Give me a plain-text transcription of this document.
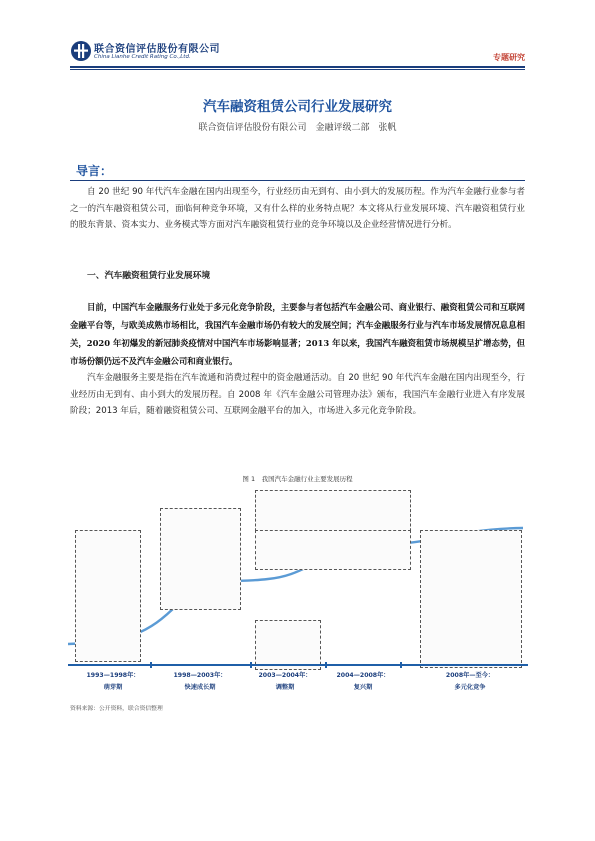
联合资信评估股份有限公司
China Lianhe Credit Rating Co.,Ltd.	专题研究
汽车融资租赁公司行业发展研究
联合资信评估股份有限公司　金融评级二部　张帆
导言：
自 20 世纪 90 年代汽车金融在国内出现至今，行业经历由无到有、由小到大的发展历程。作为汽车金融行业参与者之一的汽车融资租赁公司，面临何种竞争环境，又有什么样的业务特点呢？本文将从行业发展环境、汽车融资租赁行业的股东背景、资本实力、业务模式等方面对汽车融资租赁行业的竞争环境以及企业经营情况进行分析。
一、汽车融资租赁行业发展环境
目前，中国汽车金融服务行业处于多元化竞争阶段，主要参与者包括汽车金融公司、商业银行、融资租赁公司和互联网金融平台等，与欧美成熟市场相比，我国汽车金融市场仍有较大的发展空间；汽车金融服务行业与汽车市场发展情况息息相关，2020 年初爆发的新冠肺炎疫情对中国汽车市场影响显著；2013 年以来，我国汽车融资租赁市场规模呈扩增态势，但市场份额仍远不及汽车金融公司和商业银行。
汽车金融服务主要是指在汽车流通和消费过程中的资金融通活动。自 20 世纪 90 年代汽车金融在国内出现至今，行业经历由无到有、由小到大的发展历程。自 2008 年《汽车金融公司管理办法》颁布，我国汽车金融行业进入有序发展阶段；2013 年后，随着融资租赁公司、互联网金融平台的加入，市场进入多元化竞争阶段。
图 1　我国汽车金融行业主要发展历程
1993—1998年：
萌芽期
1998—2003年：
快速成长期
2003—2004年：
调整期
2004—2008年：
复兴期
2008年—至今：
多元化竞争
资料来源：公开资料，联合资信整理
